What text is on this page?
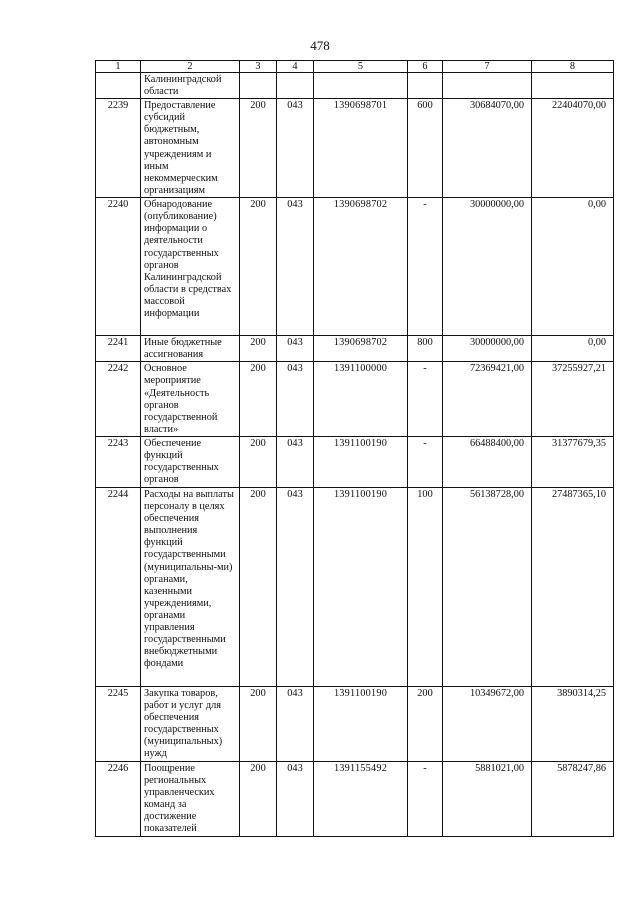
478
1	2	3	4	5	6	7	8
	Калининградской области						
2239	Предоставление субсидий бюджетным, автономным учреждениям и иным некоммерческим организациям	200	043	1390698701	600	30684070,00	22404070,00
2240	Обнародование (опубликование) информации о деятельности государственных органов Калининградской области в средствах массовой информации	200	043	1390698702	-	30000000,00	0,00
2241	Иные бюджетные ассигнования	200	043	1390698702	800	30000000,00	0,00
2242	Основное мероприятие «Деятельность органов государственной власти»	200	043	1391100000	-	72369421,00	37255927,21
2243	Обеспечение функций государственных органов	200	043	1391100190	-	66488400,00	31377679,35
2244	Расходы на выплаты персоналу в целях обеспечения выполнения функций государственными (муниципальны-ми) органами, казенными учреждениями, органами управления государственными внебюджетными фондами	200	043	1391100190	100	56138728,00	27487365,10
2245	Закупка товаров, работ и услуг для обеспечения государственных (муниципальных) нужд	200	043	1391100190	200	10349672,00	3890314,25
2246	Поощрение региональных управленческих команд за достижение показателей	200	043	1391155492	-	5881021,00	5878247,86
